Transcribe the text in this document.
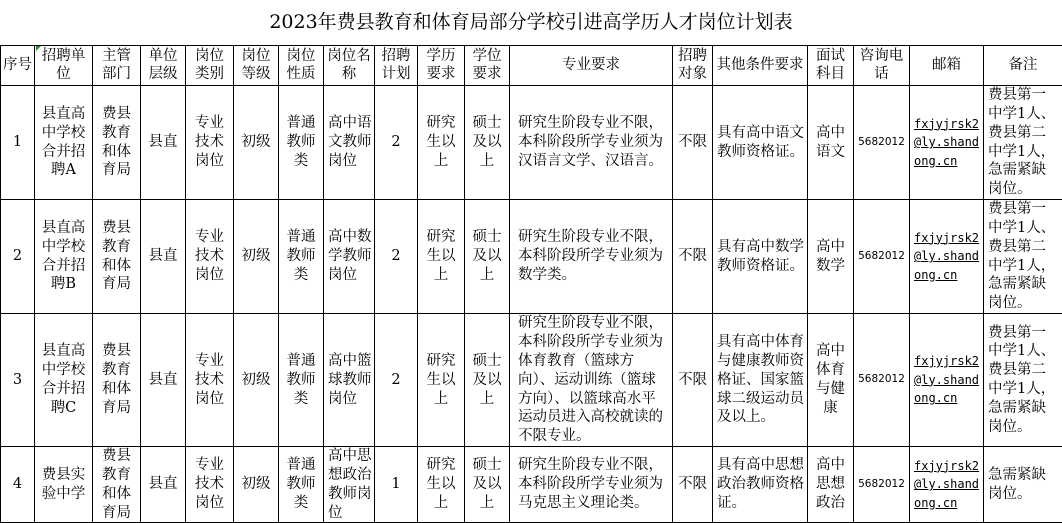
2023年费县教育和体育局部分学校引进高学历人才岗位计划表
序号	招聘单位	主管部门	单位层级	岗位类别	岗位等级	岗位性质	岗位名称	招聘计划	学历要求	学位要求	专业要求	招聘对象	其他条件要求	面试科目	咨询电话	邮箱	备注
1	县直高中学校合并招聘A	费县教育和体育局	县直	专业技术岗位	初级	普通教师类	高中语文教师岗位	2	研究生以上	硕士及以上	研究生阶段专业不限，本科阶段所学专业须为汉语言文学、汉语言。	不限	具有高中语文教师资格证。	高中语文	5682012	fxjyjrsk2@ly.shandong.cn	费县第一中学1人、费县第二中学1人，急需紧缺岗位。
2	县直高中学校合并招聘B	费县教育和体育局	县直	专业技术岗位	初级	普通教师类	高中数学教师岗位	2	研究生以上	硕士及以上	研究生阶段专业不限，本科阶段所学专业须为数学类。	不限	具有高中数学教师资格证。	高中数学	5682012	fxjyjrsk2@ly.shandong.cn	费县第一中学1人、费县第二中学1人，急需紧缺岗位。
3	县直高中学校合并招聘C	费县教育和体育局	县直	专业技术岗位	初级	普通教师类	高中篮球教师岗位	2	研究生以上	硕士及以上	研究生阶段专业不限，本科阶段所学专业须为体育教育（篮球方向）、运动训练（篮球方向）、以篮球高水平运动员进入高校就读的不限专业。	不限	具有高中体育与健康教师资格证、国家篮球二级运动员及以上。	高中体育与健康	5682012	fxjyjrsk2@ly.shandong.cn	费县第一中学1人、费县第二中学1人，急需紧缺岗位。
4	费县实验中学	费县教育和体育局	县直	专业技术岗位	初级	普通教师类	高中思想政治教师岗位	1	研究生以上	硕士及以上	研究生阶段专业不限，本科阶段所学专业须为马克思主义理论类。	不限	具有高中思想政治教师资格证。	高中思想政治	5682012	fxjyjrsk2@ly.shandong.cn	急需紧缺岗位。
